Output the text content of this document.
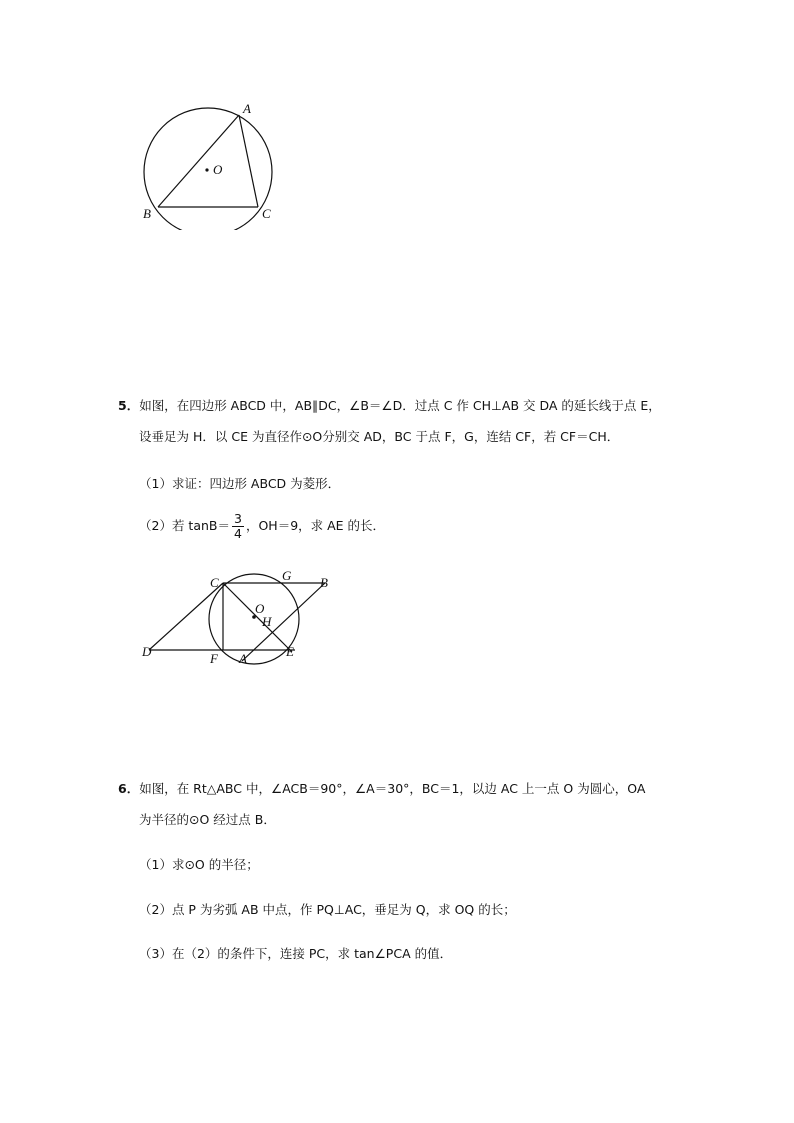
A
O
B	C
5．如图，在四边形 ABCD 中，AB∥DC，∠B＝∠D．过点 C 作 CH⊥AB 交 DA 的延长线于点 E，
设垂足为 H．以 CE 为直径作⊙O分别交 AD，BC 于点 F，G，连结 CF，若 CF＝CH．
（1）求证：四边形 ABCD 为菱形．
（2）若 $\tan B= \frac{3}{4}$ ，OH＝9，求 AE 的长．
C	G B
O
H
D	F A	E
6．如图，在 Rt△ABC 中，∠ACB＝90°，∠A＝30°，BC＝1，以边 AC 上一点 O 为圆心，OA
为半径的⊙O 经过点 B．
（1）求⊙O 的半径；
（2）点 P 为劣弧 AB 中点，作 PQ⊥AC，垂足为 Q，求 OQ 的长；
（3）在（2）的条件下，连接 PC，求 tan∠PCA 的值．
